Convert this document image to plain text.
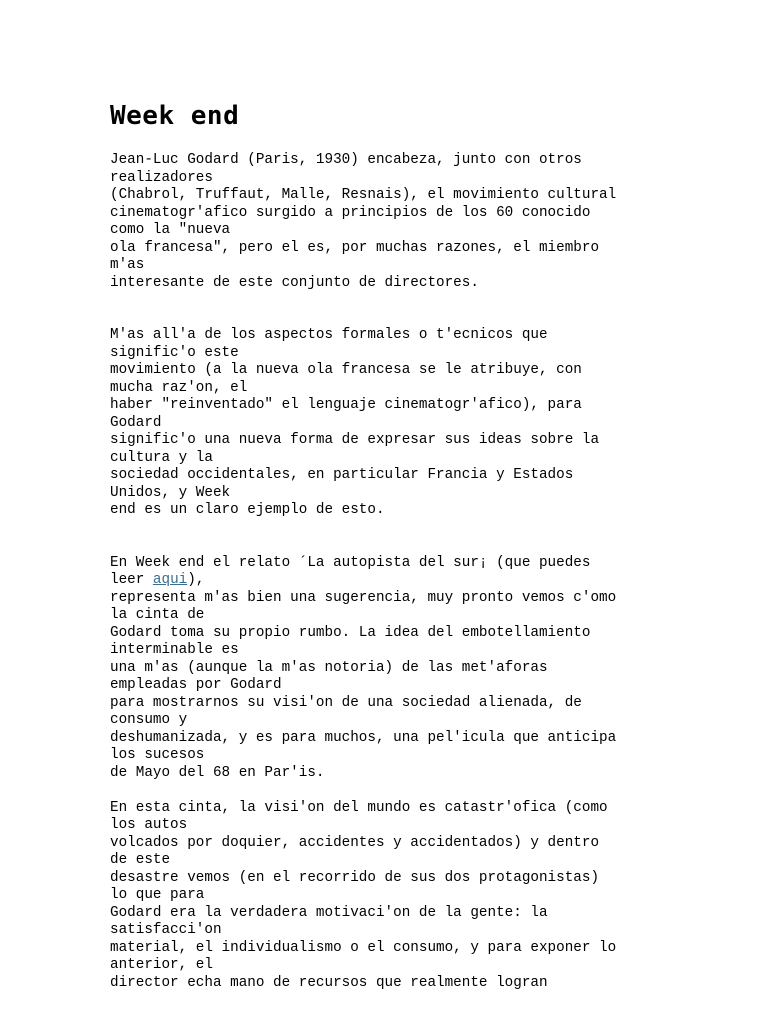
Week end
Jean-Luc Godard (Paris, 1930) encabeza, junto con otros
realizadores
(Chabrol, Truffaut, Malle, Resnais), el movimiento cultural
cinematogr'afico surgido a principios de los 60 conocido
como la "nueva
ola francesa", pero el es, por muchas razones, el miembro
m'as
interesante de este conjunto de directores.
M'as all'a de los aspectos formales o t'ecnicos que
signific'o este
movimiento (a la nueva ola francesa se le atribuye, con
mucha raz'on, el
haber "reinventado" el lenguaje cinematogr'afico), para
Godard
signific'o una nueva forma de expresar sus ideas sobre la
cultura y la
sociedad occidentales, en particular Francia y Estados
Unidos, y Week
end es un claro ejemplo de esto.
En Week end el relato ´La autopista del sur¡ (que puedes
leer aqui),
representa m'as bien una sugerencia, muy pronto vemos c'omo
la cinta de
Godard toma su propio rumbo. La idea del embotellamiento
interminable es
una m'as (aunque la m'as notoria) de las met'aforas
empleadas por Godard
para mostrarnos su visi'on de una sociedad alienada, de
consumo y
deshumanizada, y es para muchos, una pel'icula que anticipa
los sucesos
de Mayo del 68 en Par'is.
En esta cinta, la visi'on del mundo es catastr'ofica (como
los autos
volcados por doquier, accidentes y accidentados) y dentro
de este
desastre vemos (en el recorrido de sus dos protagonistas)
lo que para
Godard era la verdadera motivaci'on de la gente: la
satisfacci'on
material, el individualismo o el consumo, y para exponer lo
anterior, el
director echa mano de recursos que realmente logran
